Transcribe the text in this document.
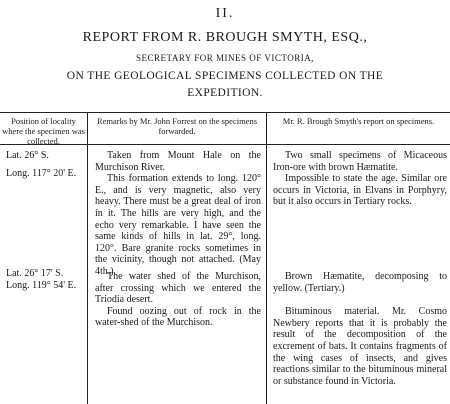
II.
REPORT FROM R. BROUGH SMYTH, ESQ.,
SECRETARY FOR MINES OF VICTORIA,
ON THE GEOLOGICAL SPECIMENS COLLECTED ON THE
EXPEDITION.
Position of locality where the specimen was collected.
Remarks by Mr. John Forrest on the specimens forwarded.
Mr. R. Brough Smyth's report on specimens.
Lat. 26° S.
Long. 117° 20' E.

Taken from Mount Hale on the Murchison River.

This formation extends to long. 120° E., and is very magnetic, also very heavy. There must be a great deal of iron in it. The hills are very high, and the echo very remarkable. I have seen the same kinds of hills in lat. 29°, long. 120°. Bare granite rocks sometimes in the vicinity, though not attached. (May 4th.)

Two small specimens of Micaceous Iron-ore with brown Hæmatite.

Impossible to state the age. Similar ore occurs in Victoria, in Elvans in Porphyry, but it also occurs in Tertiary rocks.

Lat. 26° 17' S.
Long. 119° 54' E.

The water shed of the Murchison, after crossing which we entered the Triodia desert.

Found oozing out of rock in the water-shed of the Murchison.

Brown Hæmatite, decomposing to yellow. (Tertiary.)

Bituminous material. Mr. Cosmo Newbery reports that it is probably the result of the decomposition of the excrement of bats. It contains fragments of the wing cases of insects, and gives reactions similar to the bituminous mineral or substance found in Victoria.
